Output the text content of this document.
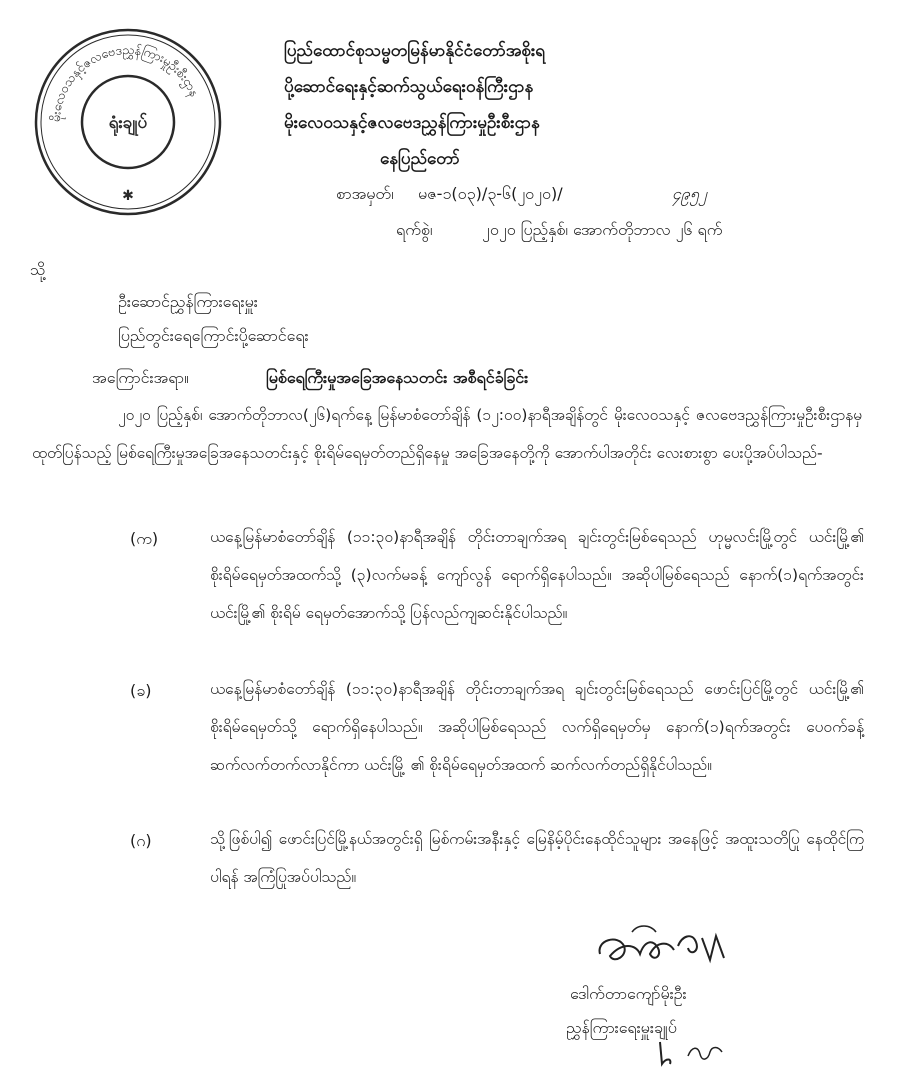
မိုးလေဝသနှင့်ဇလဗေဒညွှန်ကြားမှုဦးစီးဌာန
ရုံးချုပ်
✱
ပြည်ထောင်စုသမ္မတမြန်မာနိုင်ငံတော်အစိုးရ
ပို့ဆောင်ရေးနှင့်ဆက်သွယ်ရေးဝန်ကြီးဌာန
မိုးလေဝသနှင့်ဇလဗေဒညွှန်ကြားမှုဦးစီးဌာန
နေပြည်တော်
စာအမှတ်၊ မဇ-၁(၀၃)/၃-၆(၂၀၂၀)/	၄၉၅၂
ရက်စွဲ၊	၂၀၂၀ ပြည့်နှစ်၊ အောက်တိုဘာလ ၂၆ ရက်
သို့
ဦးဆောင်ညွှန်ကြားရေးမှူး
ပြည်တွင်းရေကြောင်းပို့ဆောင်ရေး
အကြောင်းအရာ။	မြစ်ရေကြီးမှုအခြေအနေသတင်း အစီရင်ခံခြင်း
၂၀၂၀ ပြည့်နှစ်၊ အောက်တိုဘာလ(၂၆)ရက်နေ့ မြန်မာစံတော်ချိန် (၁၂:၀၀)နာရီအချိန်တွင် မိုးလေဝသနှင့် ဇလဗေဒညွှန်ကြားမှုဦးစီးဌာနမှ ထုတ်ပြန်သည့် မြစ်ရေကြီးမှုအခြေအနေသတင်းနှင့် စိုးရိမ်ရေမှတ်တည်ရှိနေမှု အခြေအနေတို့ကို အောက်ပါအတိုင်း လေးစားစွာ ပေးပို့အပ်ပါသည်-
(က)	ယနေ့မြန်မာစံတော်ချိန် (၁၁:၃၀)နာရီအချိန် တိုင်းတာချက်အရ ချင်းတွင်းမြစ်ရေသည် ဟုမ္မလင်းမြို့တွင် ယင်းမြို့၏ စိုးရိမ်ရေမှတ်အထက်သို့ (၃)လက်မခန့် ကျော်လွန် ရောက်ရှိနေပါသည်။ အဆိုပါမြစ်ရေသည် နောက်(၁)ရက်အတွင်း ယင်းမြို့၏ စိုးရိမ် ရေမှတ်အောက်သို့ ပြန်လည်ကျဆင်းနိုင်ပါသည်။
(ခ)	ယနေ့မြန်မာစံတော်ချိန် (၁၁:၃၀)နာရီအချိန် တိုင်းတာချက်အရ ချင်းတွင်းမြစ်ရေသည် ဖောင်းပြင်မြို့တွင် ယင်းမြို့၏ စိုးရိမ်ရေမှတ်သို့ ရောက်ရှိနေပါသည်။ အဆိုပါမြစ်ရေသည် လက်ရှိရေမှတ်မှ နောက်(၁)ရက်အတွင်း ပေ၀က်ခန့် ဆက်လက်တက်လာနိုင်ကာ ယင်းမြို့ ၏ စိုးရိမ်ရေမှတ်အထက် ဆက်လက်တည်ရှိနိုင်ပါသည်။
(ဂ)	သို့ဖြစ်ပါ၍ ဖောင်းပြင်မြို့နယ်အတွင်းရှိ မြစ်ကမ်းအနီးနှင့် မြေနိမ့်ပိုင်းနေထိုင်သူများ အနေဖြင့် အထူးသတိပြု နေထိုင်ကြပါရန် အကြံပြုအပ်ပါသည်။
ဒေါက်တာကျော်မိုးဦး
ညွှန်ကြားရေးမှူးချုပ်
